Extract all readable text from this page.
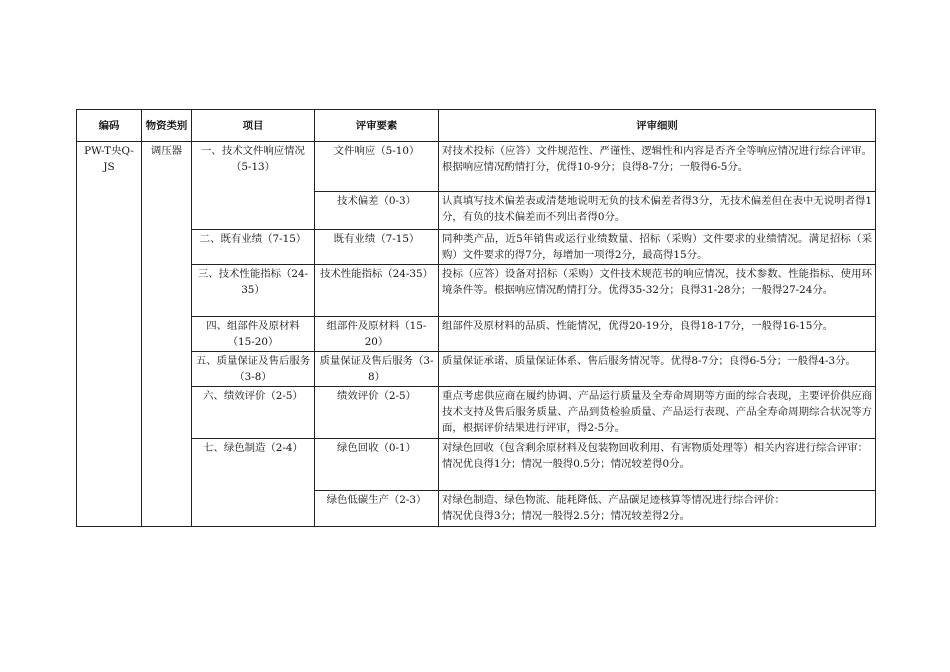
编码	物资类别	项目	评审要素	评审细则
PW-T央Q-JS	调压器	一、技术文件响应情况（5-13）	文件响应（5-10）	对技术投标（应答）文件规范性、严谨性、逻辑性和内容是否齐全等响应情况进行综合评审。根据响应情况酌情打分，优得10-9分；良得8-7分；一般得6-5分。
			技术偏差（0-3）	认真填写技术偏差表或清楚地说明无负的技术偏差者得3分，无技术偏差但在表中无说明者得1分，有负的技术偏差而不列出者得0分。
		二、既有业绩（7-15）	既有业绩（7-15）	同种类产品，近5年销售或运行业绩数量、招标（采购）文件要求的业绩情况。满足招标（采购）文件要求的得7分，每增加一项得2分，最高得15分。
		三、技术性能指标（24-35）	技术性能指标（24-35）	投标（应答）设备对招标（采购）文件技术规范书的响应情况，技术参数、性能指标、使用环境条件等。根据响应情况酌情打分。优得35-32分；良得31-28分；一般得27-24分。
		四、组部件及原材料（15-20）	组部件及原材料（15-20）	组部件及原材料的品质、性能情况，优得20-19分，良得18-17分，一般得16-15分。
		五、质量保证及售后服务（3-8）	质量保证及售后服务（3-8）	质量保证承诺、质量保证体系、售后服务情况等。优得8-7分；良得6-5分；一般得4-3分。
		六、绩效评价（2-5）	绩效评价（2-5）	重点考虑供应商在履约协调、产品运行质量及全寿命周期等方面的综合表现，主要评价供应商技术支持及售后服务质量、产品到货检验质量、产品运行表现、产品全寿命周期综合状况等方面，根据评价结果进行评审，得2-5分。
		七、绿色制造（2-4）	绿色回收（0-1）	对绿色回收（包含剩余原材料及包装物回收利用、有害物质处理等）相关内容进行综合评审：
情况优良得1分；情况一般得0.5分；情况较差得0分。
			绿色低碳生产（2-3）	对绿色制造、绿色物流、能耗降低、产品碳足迹核算等情况进行综合评价：
情况优良得3分；情况一般得2.5分；情况较差得2分。
